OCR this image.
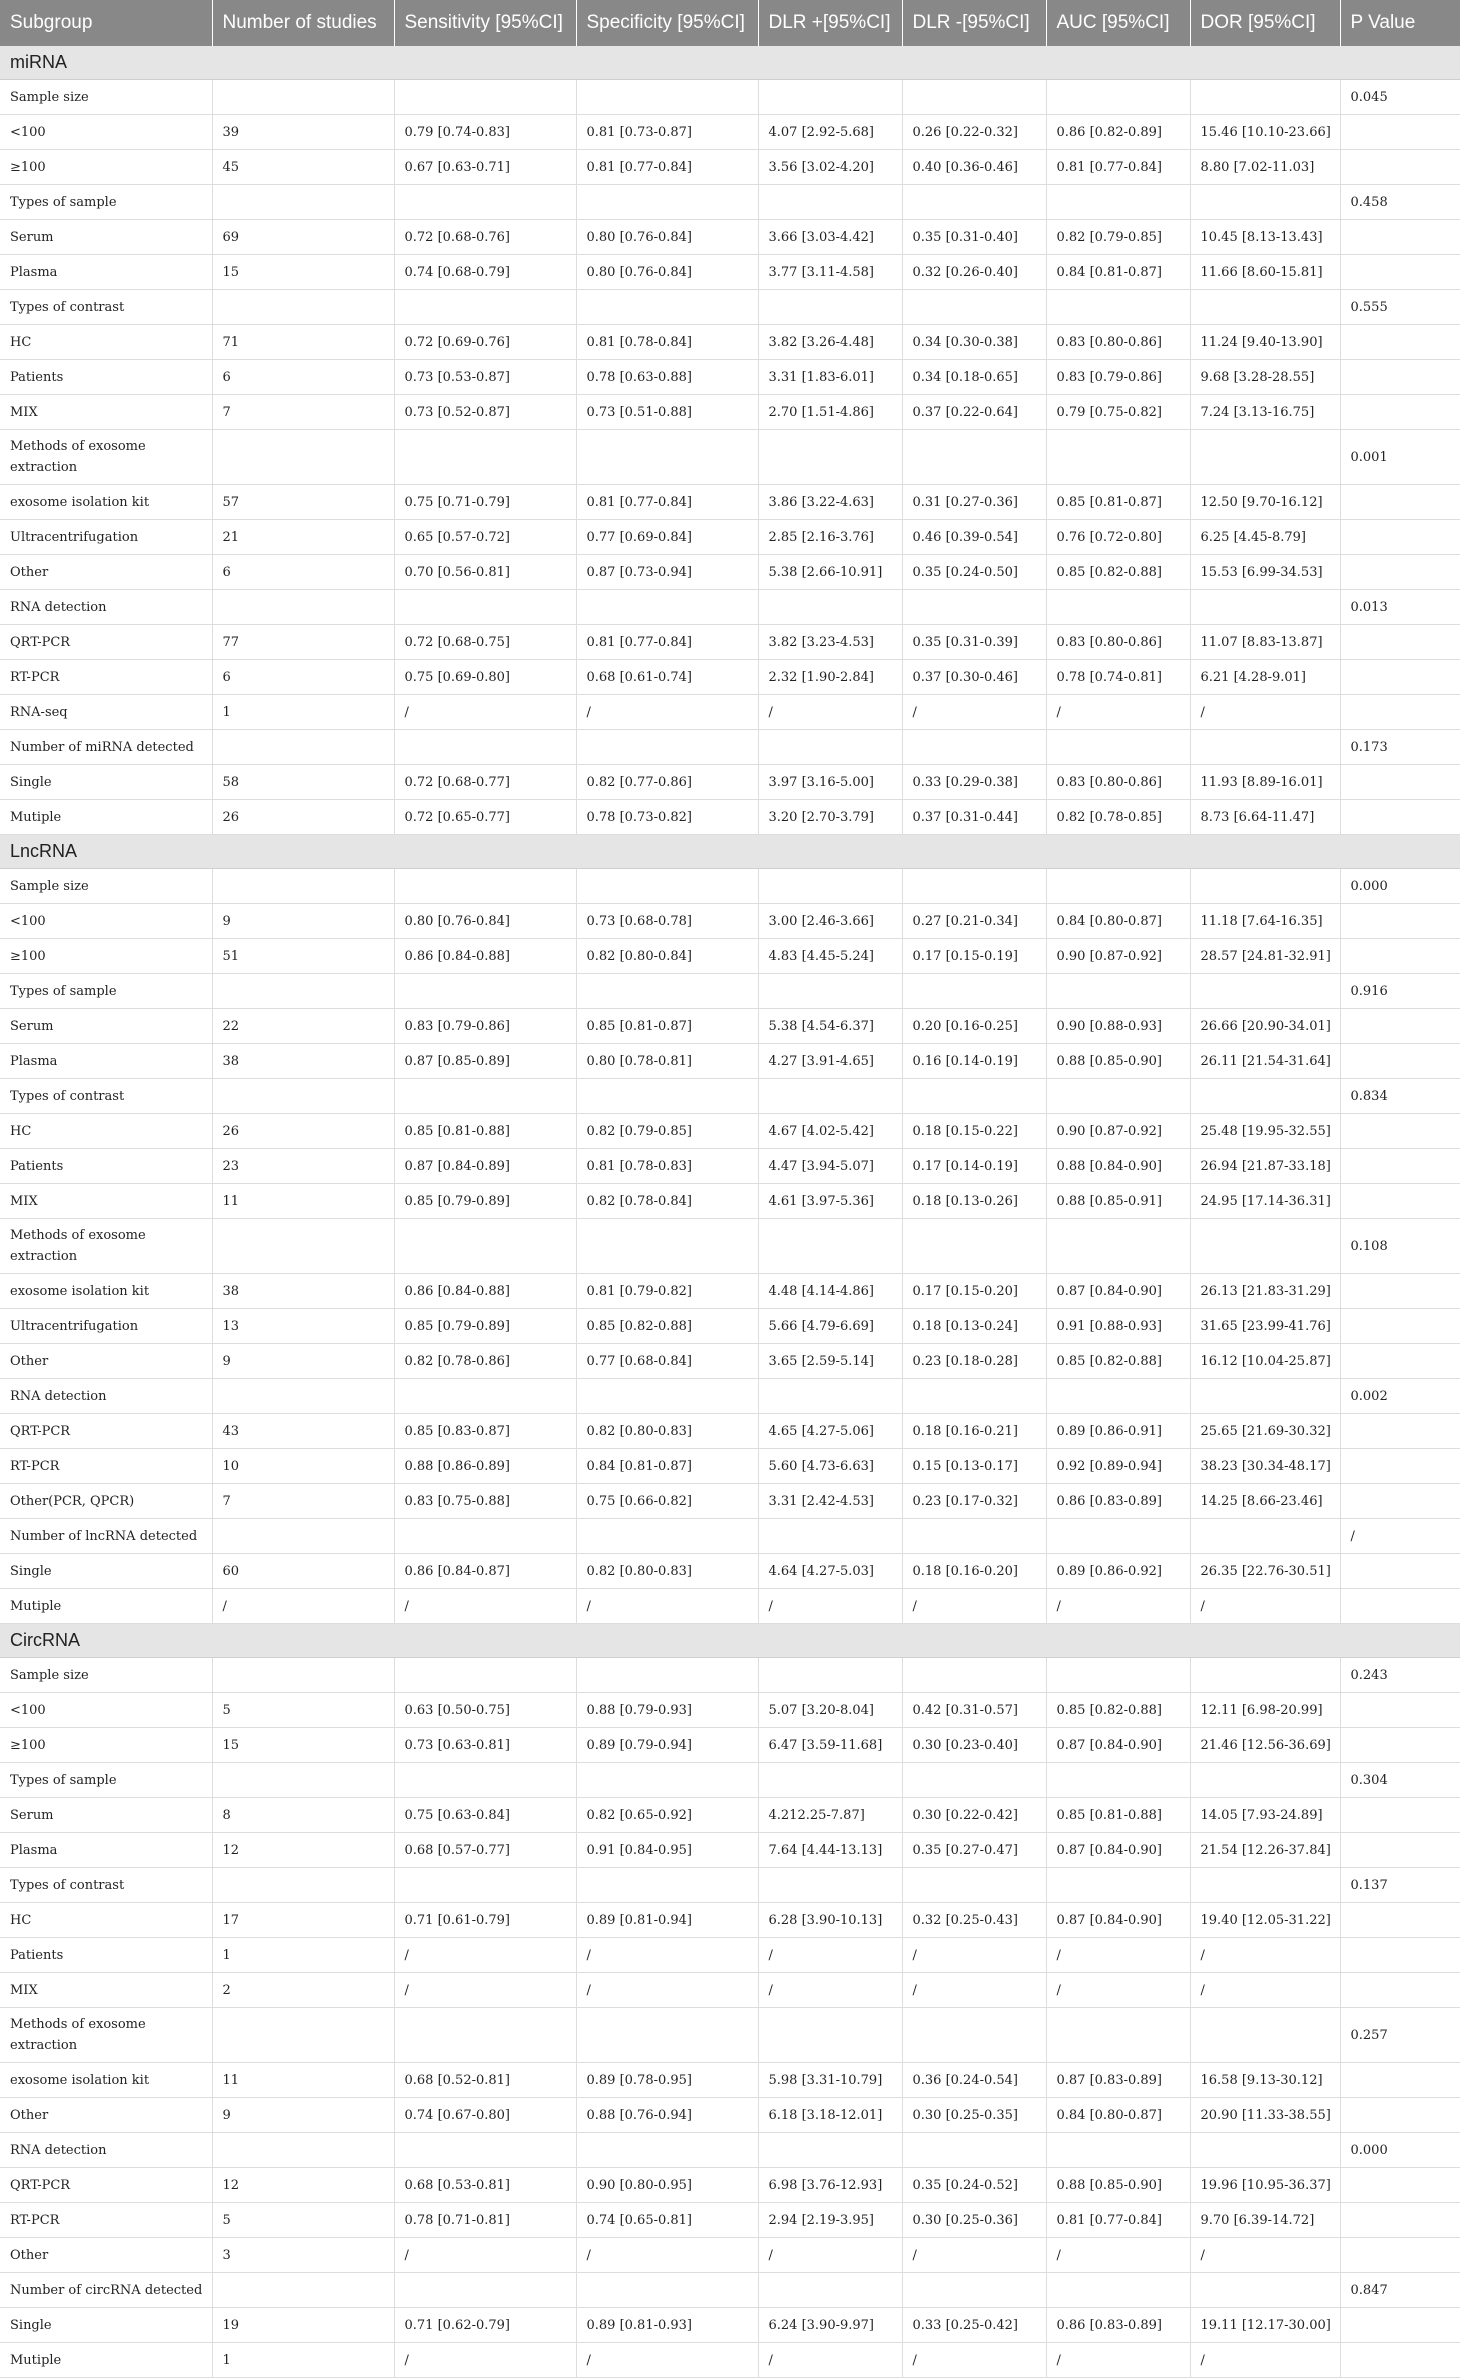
Subgroup	Number of studies	Sensitivity [95%CI]	Specificity [95%CI]	DLR +[95%CI]	DLR -[95%CI]	AUC [95%CI]	DOR [95%CI]	P Value
miRNA								
Sample size								0.045
<100	39	0.79 [0.74-0.83]	0.81 [0.73-0.87]	4.07 [2.92-5.68]	0.26 [0.22-0.32]	0.86 [0.82-0.89]	15.46 [10.10-23.66]	
≥100	45	0.67 [0.63-0.71]	0.81 [0.77-0.84]	3.56 [3.02-4.20]	0.40 [0.36-0.46]	0.81 [0.77-0.84]	8.80 [7.02-11.03]	
Types of sample								0.458
Serum	69	0.72 [0.68-0.76]	0.80 [0.76-0.84]	3.66 [3.03-4.42]	0.35 [0.31-0.40]	0.82 [0.79-0.85]	10.45 [8.13-13.43]	
Plasma	15	0.74 [0.68-0.79]	0.80 [0.76-0.84]	3.77 [3.11-4.58]	0.32 [0.26-0.40]	0.84 [0.81-0.87]	11.66 [8.60-15.81]	
Types of contrast								0.555
HC	71	0.72 [0.69-0.76]	0.81 [0.78-0.84]	3.82 [3.26-4.48]	0.34 [0.30-0.38]	0.83 [0.80-0.86]	11.24 [9.40-13.90]	
Patients	6	0.73 [0.53-0.87]	0.78 [0.63-0.88]	3.31 [1.83-6.01]	0.34 [0.18-0.65]	0.83 [0.79-0.86]	9.68 [3.28-28.55]	
MIX	7	0.73 [0.52-0.87]	0.73 [0.51-0.88]	2.70 [1.51-4.86]	0.37 [0.22-0.64]	0.79 [0.75-0.82]	7.24 [3.13-16.75]	
Methods of exosome extraction								0.001
exosome isolation kit	57	0.75 [0.71-0.79]	0.81 [0.77-0.84]	3.86 [3.22-4.63]	0.31 [0.27-0.36]	0.85 [0.81-0.87]	12.50 [9.70-16.12]	
Ultracentrifugation	21	0.65 [0.57-0.72]	0.77 [0.69-0.84]	2.85 [2.16-3.76]	0.46 [0.39-0.54]	0.76 [0.72-0.80]	6.25 [4.45-8.79]	
Other	6	0.70 [0.56-0.81]	0.87 [0.73-0.94]	5.38 [2.66-10.91]	0.35 [0.24-0.50]	0.85 [0.82-0.88]	15.53 [6.99-34.53]	
RNA detection								0.013
QRT-PCR	77	0.72 [0.68-0.75]	0.81 [0.77-0.84]	3.82 [3.23-4.53]	0.35 [0.31-0.39]	0.83 [0.80-0.86]	11.07 [8.83-13.87]	
RT-PCR	6	0.75 [0.69-0.80]	0.68 [0.61-0.74]	2.32 [1.90-2.84]	0.37 [0.30-0.46]	0.78 [0.74-0.81]	6.21 [4.28-9.01]	
RNA-seq	1	/	/	/	/	/	/	
Number of miRNA detected								0.173
Single	58	0.72 [0.68-0.77]	0.82 [0.77-0.86]	3.97 [3.16-5.00]	0.33 [0.29-0.38]	0.83 [0.80-0.86]	11.93 [8.89-16.01]	
Mutiple	26	0.72 [0.65-0.77]	0.78 [0.73-0.82]	3.20 [2.70-3.79]	0.37 [0.31-0.44]	0.82 [0.78-0.85]	8.73 [6.64-11.47]	
LncRNA								
Sample size								0.000
<100	9	0.80 [0.76-0.84]	0.73 [0.68-0.78]	3.00 [2.46-3.66]	0.27 [0.21-0.34]	0.84 [0.80-0.87]	11.18 [7.64-16.35]	
≥100	51	0.86 [0.84-0.88]	0.82 [0.80-0.84]	4.83 [4.45-5.24]	0.17 [0.15-0.19]	0.90 [0.87-0.92]	28.57 [24.81-32.91]	
Types of sample								0.916
Serum	22	0.83 [0.79-0.86]	0.85 [0.81-0.87]	5.38 [4.54-6.37]	0.20 [0.16-0.25]	0.90 [0.88-0.93]	26.66 [20.90-34.01]	
Plasma	38	0.87 [0.85-0.89]	0.80 [0.78-0.81]	4.27 [3.91-4.65]	0.16 [0.14-0.19]	0.88 [0.85-0.90]	26.11 [21.54-31.64]	
Types of contrast								0.834
HC	26	0.85 [0.81-0.88]	0.82 [0.79-0.85]	4.67 [4.02-5.42]	0.18 [0.15-0.22]	0.90 [0.87-0.92]	25.48 [19.95-32.55]	
Patients	23	0.87 [0.84-0.89]	0.81 [0.78-0.83]	4.47 [3.94-5.07]	0.17 [0.14-0.19]	0.88 [0.84-0.90]	26.94 [21.87-33.18]	
MIX	11	0.85 [0.79-0.89]	0.82 [0.78-0.84]	4.61 [3.97-5.36]	0.18 [0.13-0.26]	0.88 [0.85-0.91]	24.95 [17.14-36.31]	
Methods of exosome extraction								0.108
exosome isolation kit	38	0.86 [0.84-0.88]	0.81 [0.79-0.82]	4.48 [4.14-4.86]	0.17 [0.15-0.20]	0.87 [0.84-0.90]	26.13 [21.83-31.29]	
Ultracentrifugation	13	0.85 [0.79-0.89]	0.85 [0.82-0.88]	5.66 [4.79-6.69]	0.18 [0.13-0.24]	0.91 [0.88-0.93]	31.65 [23.99-41.76]	
Other	9	0.82 [0.78-0.86]	0.77 [0.68-0.84]	3.65 [2.59-5.14]	0.23 [0.18-0.28]	0.85 [0.82-0.88]	16.12 [10.04-25.87]	
RNA detection								0.002
QRT-PCR	43	0.85 [0.83-0.87]	0.82 [0.80-0.83]	4.65 [4.27-5.06]	0.18 [0.16-0.21]	0.89 [0.86-0.91]	25.65 [21.69-30.32]	
RT-PCR	10	0.88 [0.86-0.89]	0.84 [0.81-0.87]	5.60 [4.73-6.63]	0.15 [0.13-0.17]	0.92 [0.89-0.94]	38.23 [30.34-48.17]	
Other(PCR, QPCR)	7	0.83 [0.75-0.88]	0.75 [0.66-0.82]	3.31 [2.42-4.53]	0.23 [0.17-0.32]	0.86 [0.83-0.89]	14.25 [8.66-23.46]	
Number of lncRNA detected								/
Single	60	0.86 [0.84-0.87]	0.82 [0.80-0.83]	4.64 [4.27-5.03]	0.18 [0.16-0.20]	0.89 [0.86-0.92]	26.35 [22.76-30.51]	
Mutiple	/	/	/	/	/	/	/	
CircRNA								
Sample size								0.243
<100	5	0.63 [0.50-0.75]	0.88 [0.79-0.93]	5.07 [3.20-8.04]	0.42 [0.31-0.57]	0.85 [0.82-0.88]	12.11 [6.98-20.99]	
≥100	15	0.73 [0.63-0.81]	0.89 [0.79-0.94]	6.47 [3.59-11.68]	0.30 [0.23-0.40]	0.87 [0.84-0.90]	21.46 [12.56-36.69]	
Types of sample								0.304
Serum	8	0.75 [0.63-0.84]	0.82 [0.65-0.92]	4.212.25-7.87]	0.30 [0.22-0.42]	0.85 [0.81-0.88]	14.05 [7.93-24.89]	
Plasma	12	0.68 [0.57-0.77]	0.91 [0.84-0.95]	7.64 [4.44-13.13]	0.35 [0.27-0.47]	0.87 [0.84-0.90]	21.54 [12.26-37.84]	
Types of contrast								0.137
HC	17	0.71 [0.61-0.79]	0.89 [0.81-0.94]	6.28 [3.90-10.13]	0.32 [0.25-0.43]	0.87 [0.84-0.90]	19.40 [12.05-31.22]	
Patients	1	/	/	/	/	/	/	
MIX	2	/	/	/	/	/	/	
Methods of exosome extraction								0.257
exosome isolation kit	11	0.68 [0.52-0.81]	0.89 [0.78-0.95]	5.98 [3.31-10.79]	0.36 [0.24-0.54]	0.87 [0.83-0.89]	16.58 [9.13-30.12]	
Other	9	0.74 [0.67-0.80]	0.88 [0.76-0.94]	6.18 [3.18-12.01]	0.30 [0.25-0.35]	0.84 [0.80-0.87]	20.90 [11.33-38.55]	
RNA detection								0.000
QRT-PCR	12	0.68 [0.53-0.81]	0.90 [0.80-0.95]	6.98 [3.76-12.93]	0.35 [0.24-0.52]	0.88 [0.85-0.90]	19.96 [10.95-36.37]	
RT-PCR	5	0.78 [0.71-0.81]	0.74 [0.65-0.81]	2.94 [2.19-3.95]	0.30 [0.25-0.36]	0.81 [0.77-0.84]	9.70 [6.39-14.72]	
Other	3	/	/	/	/	/	/	
Number of circRNA detected								0.847
Single	19	0.71 [0.62-0.79]	0.89 [0.81-0.93]	6.24 [3.90-9.97]	0.33 [0.25-0.42]	0.86 [0.83-0.89]	19.11 [12.17-30.00]	
Mutiple	1	/	/	/	/	/	/	
